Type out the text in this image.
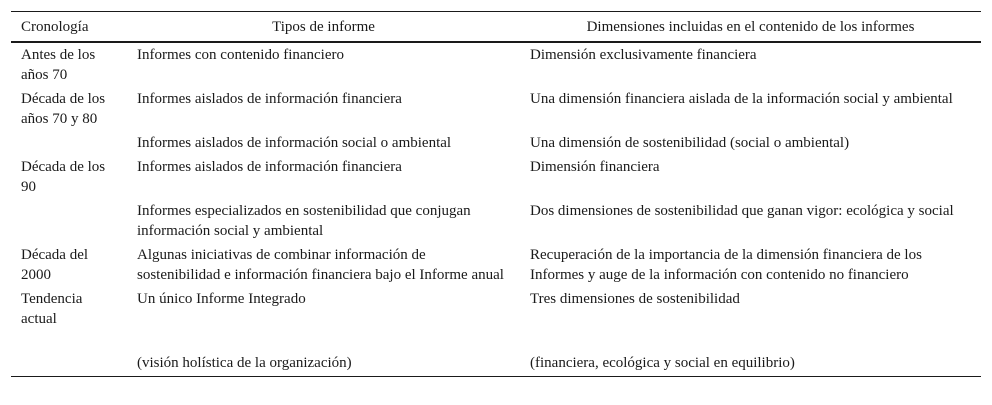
Cronología	Tipos de informe	Dimensiones incluidas en el contenido de los informes
Antes de los años 70	Informes con contenido financiero	Dimensión exclusivamente financiera
Década de los años 70 y 80	Informes aislados de información financiera	Una dimensión financiera aislada de la información social y ambiental
	Informes aislados de información social o ambiental	Una dimensión de sostenibilidad (social o ambiental)
Década de los 90	Informes aislados de información financiera	Dimensión financiera
	Informes especializados en sostenibilidad que conjugan información social y ambiental	Dos dimensiones de sostenibilidad que ganan vigor: ecológica y social
Década del 2000	Algunas iniciativas de combinar información de sostenibilidad e información financiera bajo el Informe anual	Recuperación de la importancia de la dimensión financiera de los Informes y auge de la información con contenido no financiero
Tendencia actual	Un único Informe Integrado	Tres dimensiones de sostenibilidad
	(visión holística de la organización)	(financiera, ecológica y social en equilibrio)
